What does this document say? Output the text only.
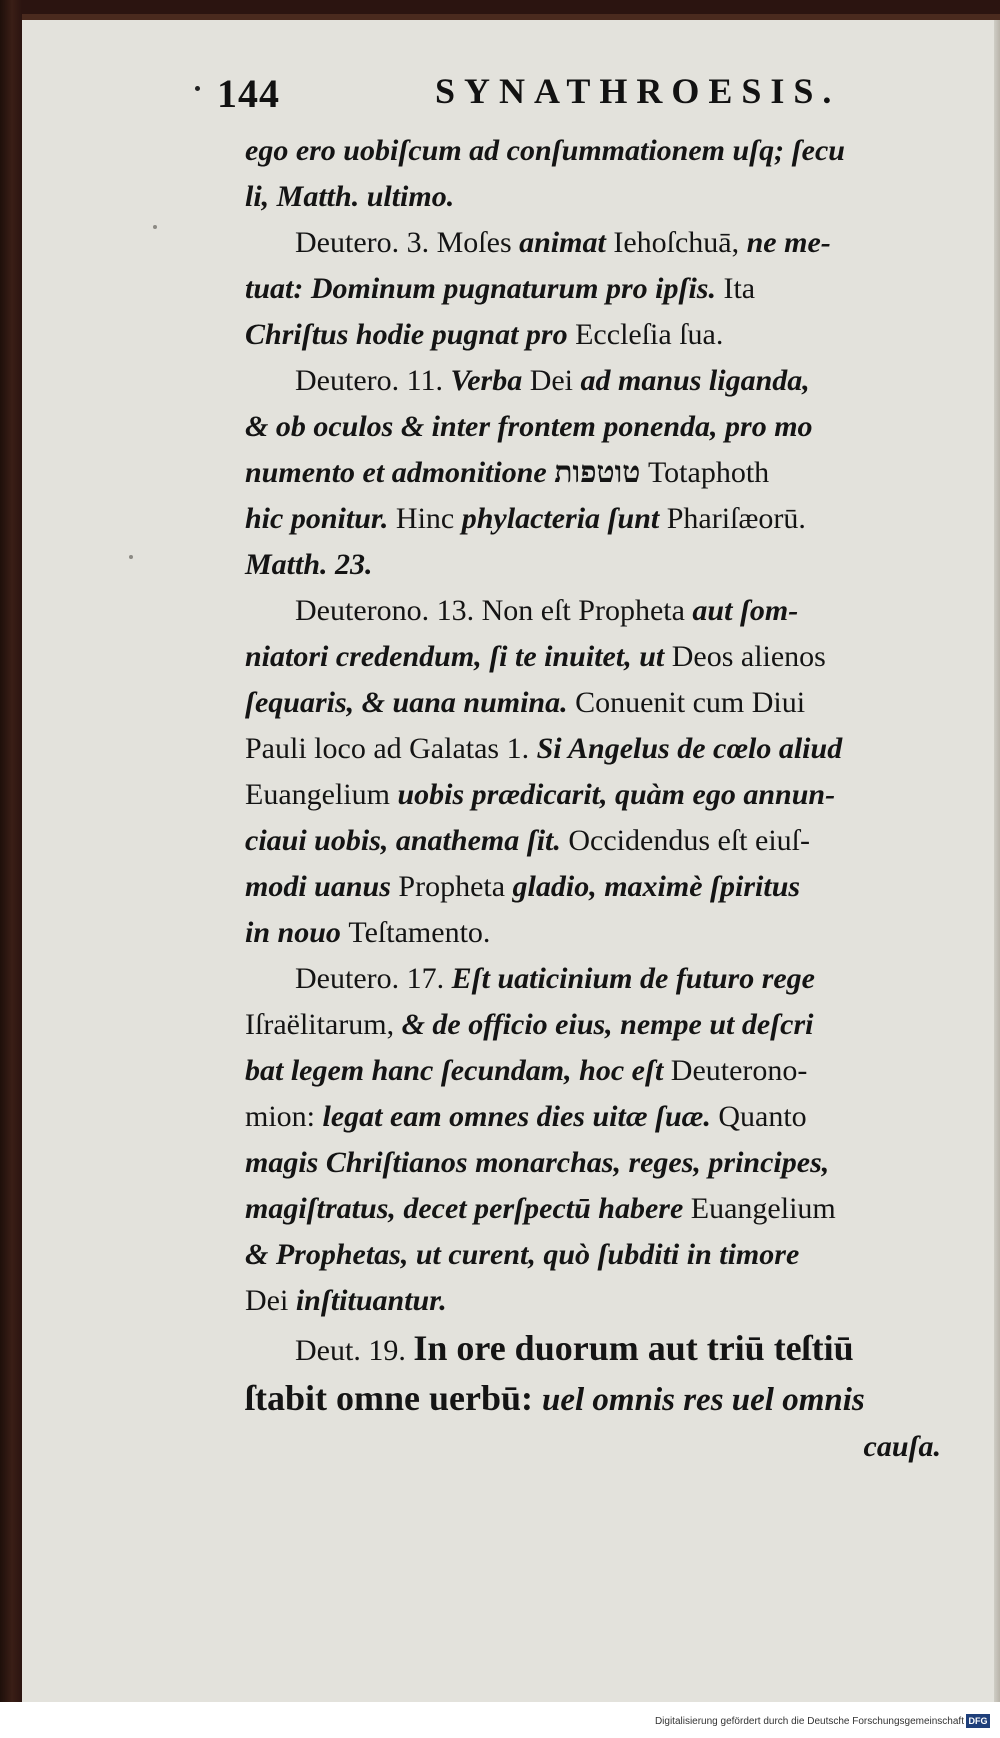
144	SYNATHROESIS.
ego ero uobiſcum ad conſummationem uſq; ſecu
li, Matth. ultimo.
Deutero. 3. Moſes animat Iehoſchuā, ne me-
tuat: Dominum pugnaturum pro ipſis. Ita
Chriſtus hodie pugnat pro Eccleſia ſua.
Deutero. 11. Verba Dei ad manus liganda,
& ob oculos & inter frontem ponenda, pro mo
numento et admonitione טוטפות Totaphoth
hic ponitur. Hinc phylacteria ſunt Phariſæorū.
Matth. 23.
Deuterono. 13. Non eſt Propheta aut ſom-
niatori credendum, ſi te inuitet, ut Deos alienos
ſequaris, & uana numina. Conuenit cum Diui
Pauli loco ad Galatas 1. Si Angelus de cœlo aliud
Euangelium uobis prædicarit, quàm ego annun-
ciaui uobis, anathema ſit. Occidendus eſt eiuſ-
modi uanus Propheta gladio, maximè ſpiritus
in nouo Teſtamento.
Deutero. 17. Eſt uaticinium de futuro rege
Iſraëlitarum, & de officio eius, nempe ut deſcri
bat legem hanc ſecundam, hoc eſt Deuterono-
mion: legat eam omnes dies uitæ ſuæ. Quanto
magis Chriſtianos monarchas, reges, principes,
magiſtratus, decet perſpectū habere Euangelium
& Prophetas, ut curent, quò ſubditi in timore
Dei inſtituantur.
Deut. 19. In ore duorum aut triū teſtiū
ſtabit omne uerbū: uel omnis res uel omnis
cauſa.
Digitalisierung gefördert durch die Deutsche Forschungsgemeinschaft DFG
